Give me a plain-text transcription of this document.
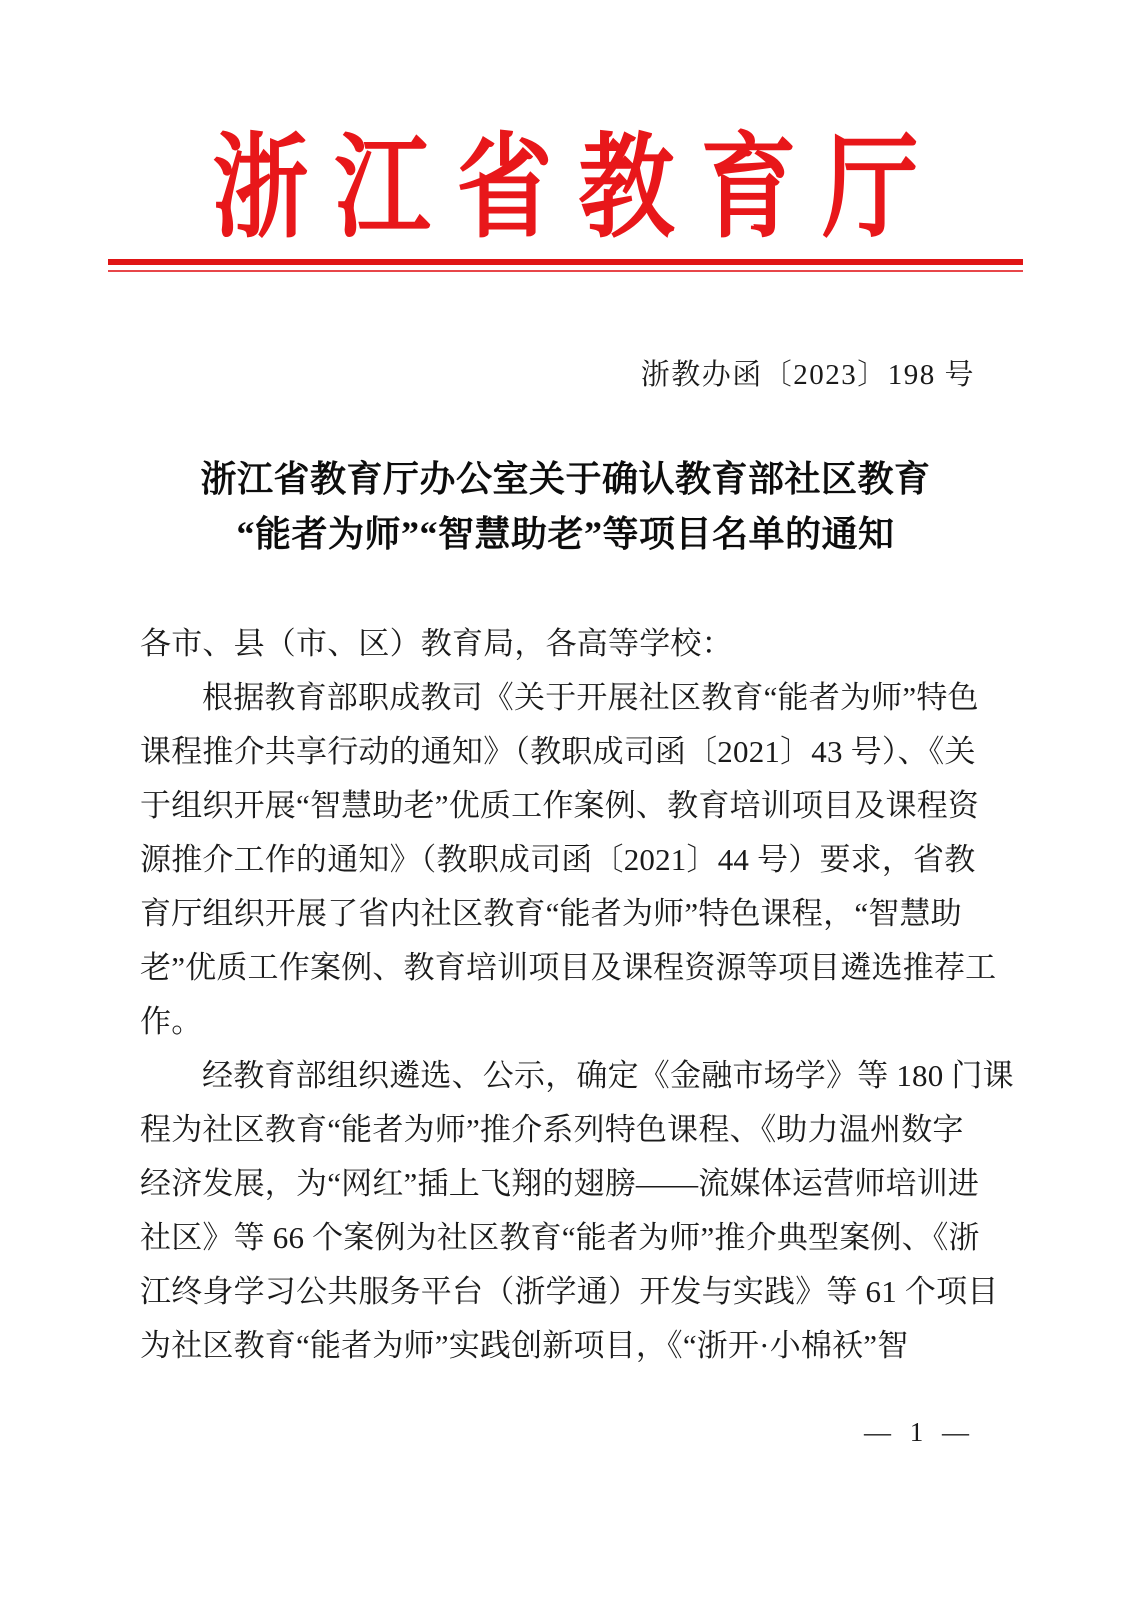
浙江省教育厅
浙教办函〔2023〕198 号
浙江省教育厅办公室关于确认教育部社区教育
“能者为师”“智慧助老”等项目名单的通知
各市、县（市、区）教育局，各高等学校：
根据教育部职成教司《关于开展社区教育“能者为师”特色
课程推介共享行动的通知》（教职成司函〔2021〕43 号）、《关
于组织开展“智慧助老”优质工作案例、教育培训项目及课程资
源推介工作的通知》（教职成司函〔2021〕44 号）要求，省教
育厅组织开展了省内社区教育“能者为师”特色课程，“智慧助
老”优质工作案例、教育培训项目及课程资源等项目遴选推荐工
作。
经教育部组织遴选、公示，确定《金融市场学》等 180 门课
程为社区教育“能者为师”推介系列特色课程、《助力温州数字
经济发展，为“网红”插上飞翔的翅膀——流媒体运营师培训进
社区》等 66 个案例为社区教育“能者为师”推介典型案例、《浙
江终身学习公共服务平台（浙学通）开发与实践》等 61 个项目
为社区教育“能者为师”实践创新项目，《“浙开·小棉袄”智
— 1 —
